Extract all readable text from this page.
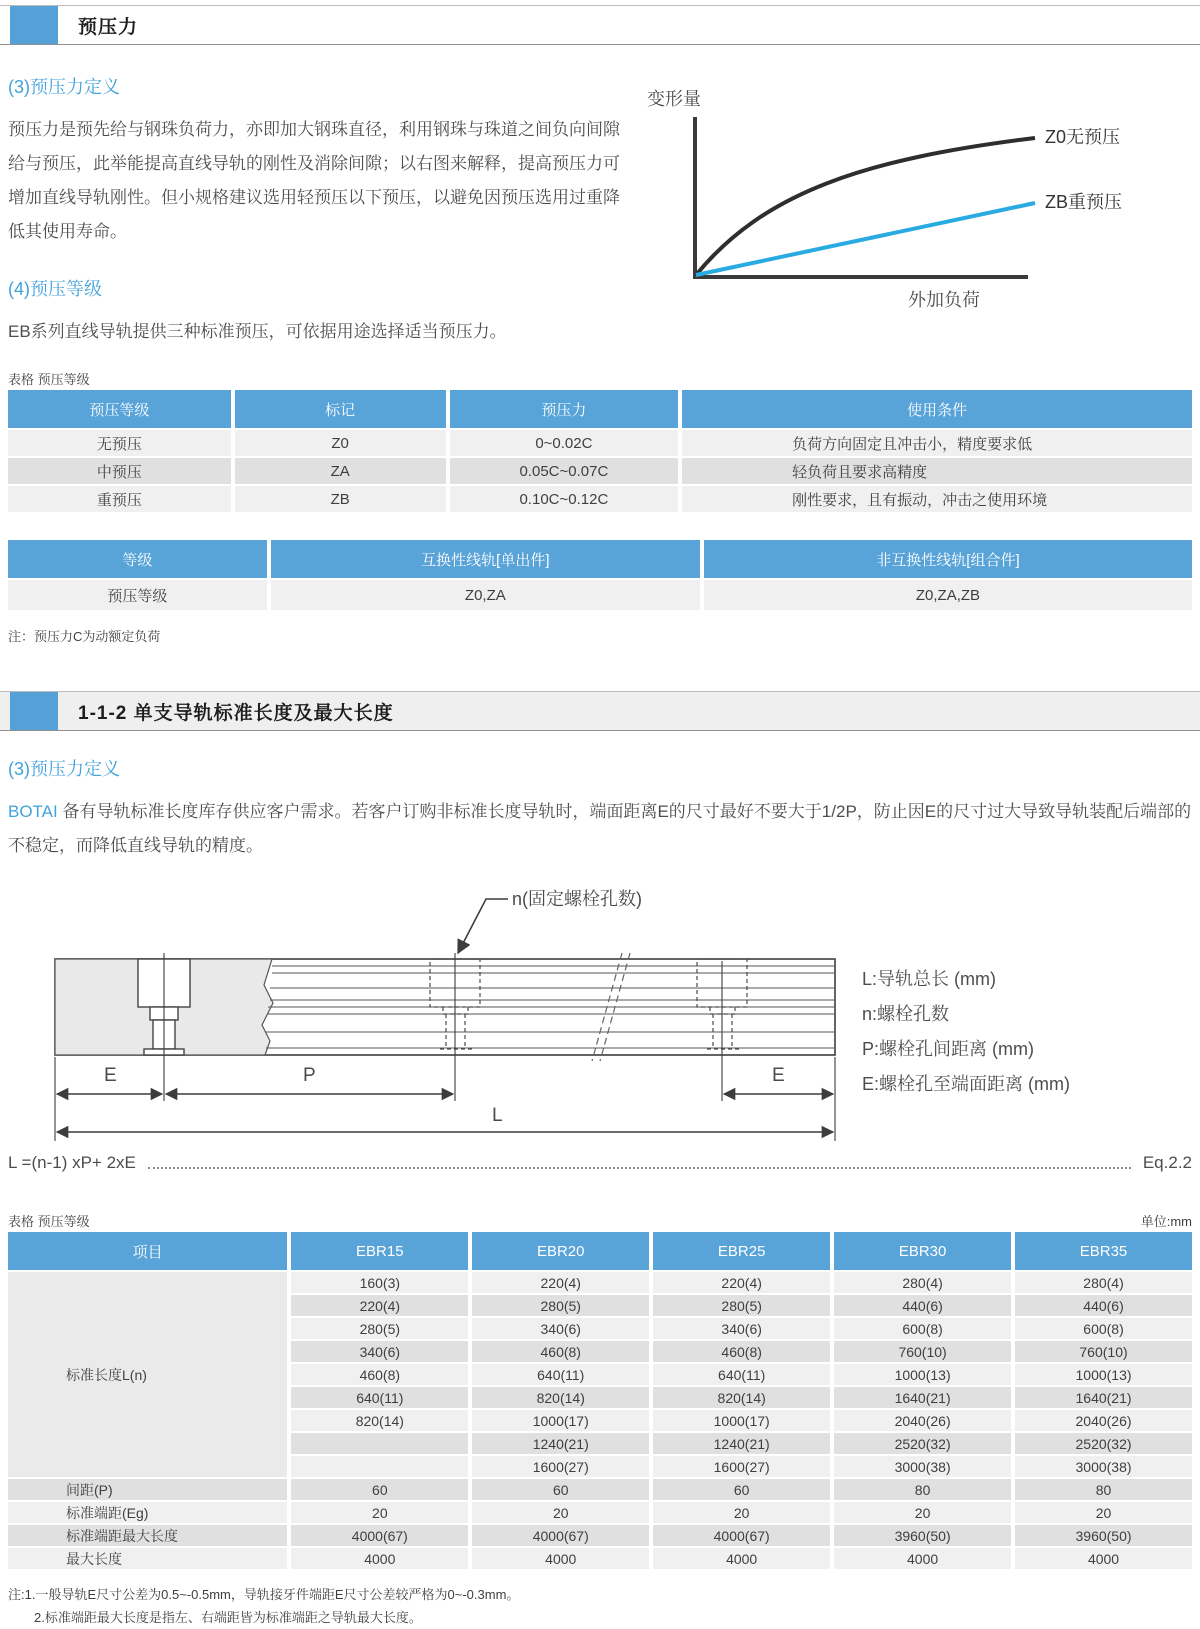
预压力
(3)预压力定义

预压力是预先给与钢珠负荷力，亦即加大钢珠直径，利用钢珠与珠道之间负向间隙给与预压，此举能提高直线导轨的刚性及消除间隙；以右图来解释，提高预压力可增加直线导轨刚性。但小规格建议选用轻预压以下预压，以避免因预压选用过重降低其使用寿命。

(4)预压等级

EB系列直线导轨提供三种标准预压，可依据用途选择适当预压力。

变形量
Z0无预压
ZB重预压
外加负荷
表格 预压等级
预压等级	标记	预压力	使用条件
无预压	Z0	0~0.02C	负荷方向固定且冲击小，精度要求低
中预压	ZA	0.05C~0.07C	轻负荷且要求高精度
重预压	ZB	0.10C~0.12C	刚性要求，且有振动，冲击之使用环境
等级	互换性线轨[单出件]	非互换性线轨[组合件]
预压等级	Z0,ZA	Z0,ZA,ZB
注：预压力C为动额定负荷
1-1-2 单支导轨标准长度及最大长度
(3)预压力定义

BOTAI 备有导轨标准长度库存供应客户需求。若客户订购非标准长度导轨时，端面距离E的尺寸最好不要大于1/2P，防止因E的尺寸过大导致导轨装配后端部的不稳定，而降低直线导轨的精度。

n(固定螺栓孔数)
E	P	E
L
L:导轨总长 (mm)
n:螺栓孔数
P:螺栓孔间距离 (mm)
E:螺栓孔至端面距离 (mm)
L =(n-1) xP+ 2xE	Eq.2.2
表格 预压等级	单位:mm
项目	EBR15	EBR20	EBR25	EBR30	EBR35
标准长度L(n)	160(3)	220(4)	220(4)	280(4)	280(4)
	220(4)	280(5)	280(5)	440(6)	440(6)
	280(5)	340(6)	340(6)	600(8)	600(8)
	340(6)	460(8)	460(8)	760(10)	760(10)
	460(8)	640(11)	640(11)	1000(13)	1000(13)
	640(11)	820(14)	820(14)	1640(21)	1640(21)
	820(14)	1000(17)	1000(17)	2040(26)	2040(26)
		1240(21)	1240(21)	2520(32)	2520(32)
		1600(27)	1600(27)	3000(38)	3000(38)
间距(P)	60	60	60	80	80
标准端距(Eg)	20	20	20	20	20
标准端距最大长度	4000(67)	4000(67)	4000(67)	3960(50)	3960(50)
最大长度	4000	4000	4000	4000	4000
注:1.一般导轨E尺寸公差为0.5~-0.5mm，导轨接牙件端距E尺寸公差较严格为0~-0.3mm。
2.标准端距最大长度是指左、右端距皆为标准端距之导轨最大长度。
